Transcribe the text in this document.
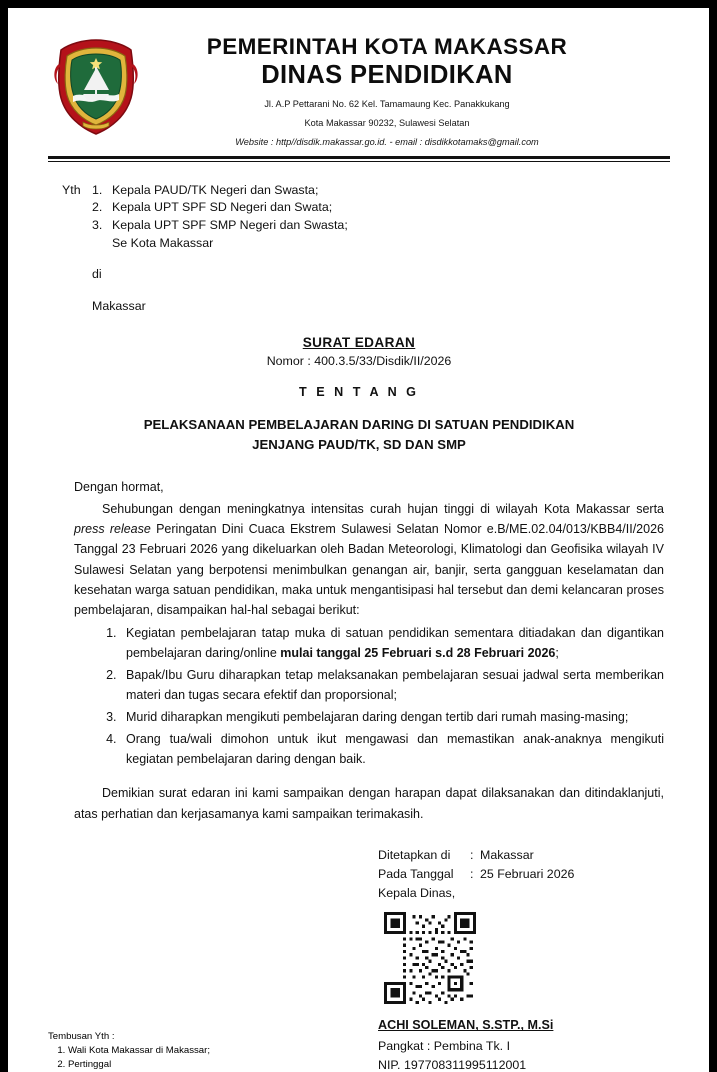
PEMERINTAH KOTA MAKASSAR
DINAS PENDIDIKAN
Jl. A.P Pettarani No. 62 Kel. Tamamaung Kec. Panakkukang
Kota Makassar 90232, Sulawesi Selatan
Website : http//disdik.makassar.go.id. - email : disdikkotamaks@gmail.com
Yth 1. Kepala PAUD/TK Negeri dan Swasta;
2. Kepala UPT SPF SD Negeri dan Swata;
3. Kepala UPT SPF SMP Negeri dan Swasta;
Se Kota Makassar
di
Makassar
SURAT EDARAN
Nomor : 400.3.5/33/Disdik/II/2026
T E N T A N G
PELAKSANAAN PEMBELAJARAN DARING DI SATUAN PENDIDIKAN
JENJANG PAUD/TK, SD DAN SMP
Dengan hormat,
Sehubungan dengan meningkatnya intensitas curah hujan tinggi di wilayah Kota Makassar serta press release Peringatan Dini Cuaca Ekstrem Sulawesi Selatan Nomor e.B/ME.02.04/013/KBB4/II/2026 Tanggal 23 Februari 2026 yang dikeluarkan oleh Badan Meteorologi, Klimatologi dan Geofisika wilayah IV Sulawesi Selatan yang berpotensi menimbulkan genangan air, banjir, serta gangguan keselamatan dan kesehatan warga satuan pendidikan, maka untuk mengantisipasi hal tersebut dan demi kelancaran proses pembelajaran, disampaikan hal-hal sebagai berikut:
1. Kegiatan pembelajaran tatap muka di satuan pendidikan sementara ditiadakan dan digantikan pembelajaran daring/online mulai tanggal 25 Februari s.d 28 Februari 2026;
2. Bapak/Ibu Guru diharapkan tetap melaksanakan pembelajaran sesuai jadwal serta memberikan materi dan tugas secara efektif dan proporsional;
3. Murid diharapkan mengikuti pembelajaran daring dengan tertib dari rumah masing-masing;
4. Orang tua/wali dimohon untuk ikut mengawasi dan memastikan anak-anaknya mengikuti kegiatan pembelajaran daring dengan baik.
Demikian surat edaran ini kami sampaikan dengan harapan dapat dilaksanakan dan ditindaklanjuti, atas perhatian dan kerjasamanya kami sampaikan terimakasih.
Ditetapkan di	: Makassar
Pada Tanggal	: 25 Februari 2026
Kepala Dinas,
ACHI SOLEMAN, S.STP., M.Si
Pangkat : Pembina Tk. I
NIP. 197708311995112001
Tembusan Yth :
1. Wali Kota Makassar di Makassar;
2. Pertinggal
